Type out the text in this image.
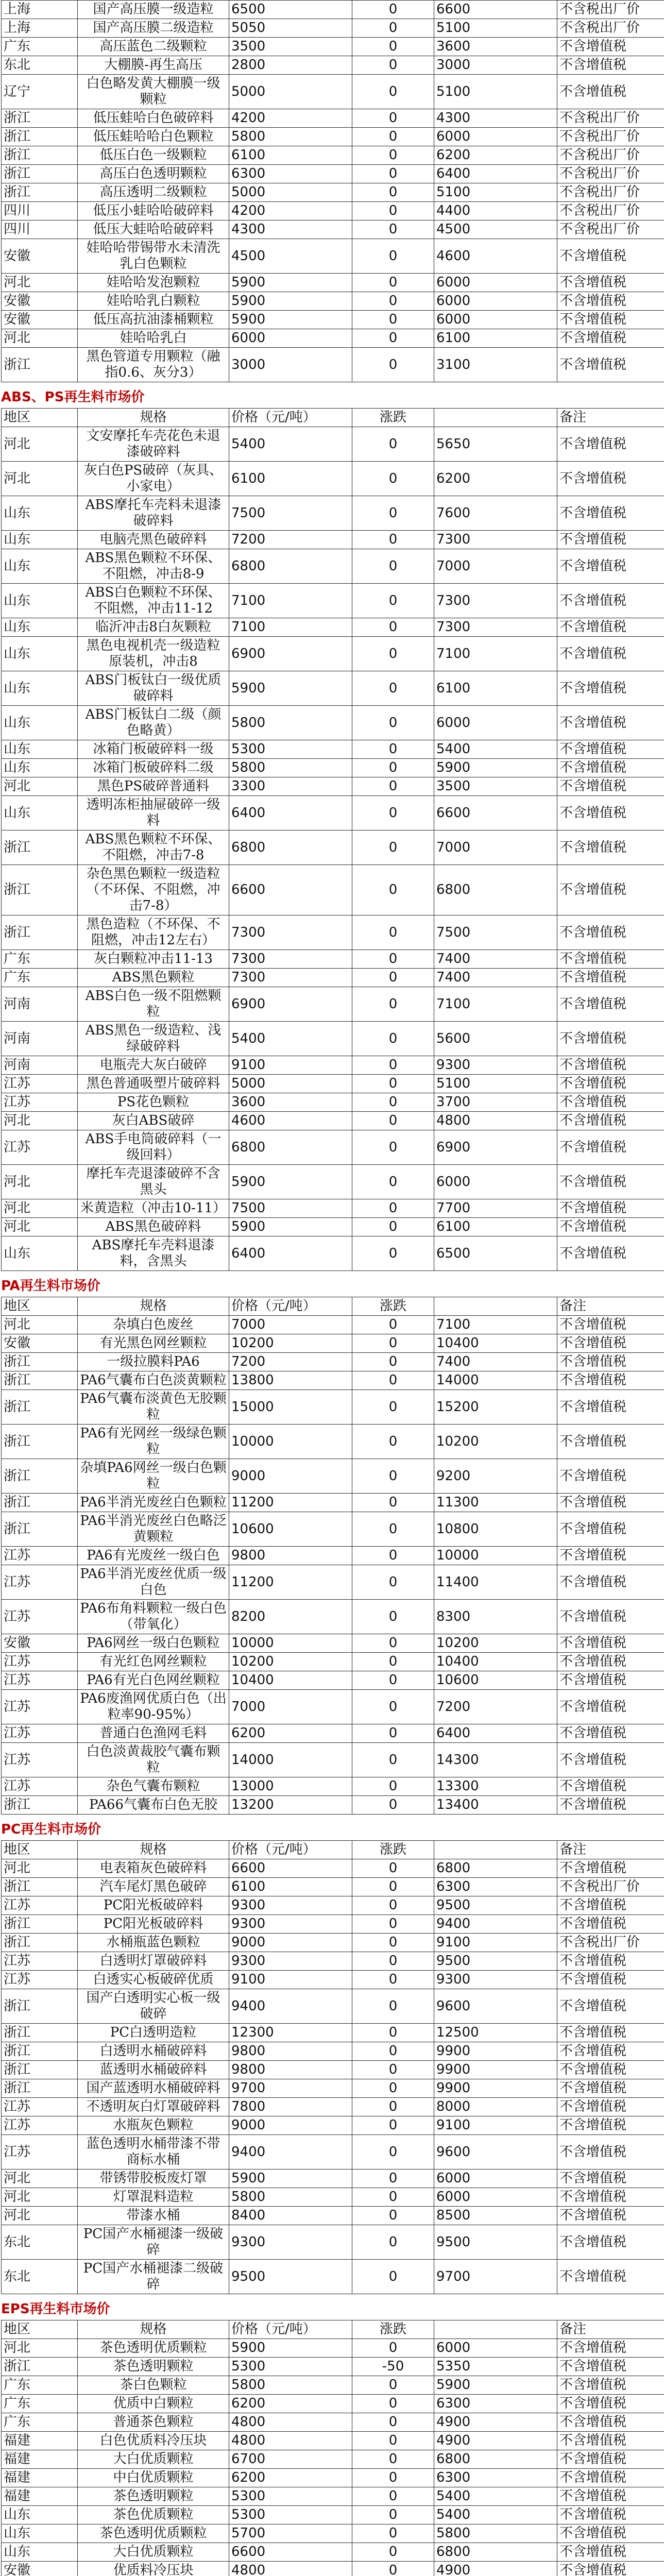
上海	国产高压膜一级造粒	6500	0	6600	不含税出厂价
上海	国产高压膜二级造粒	5050	0	5100	不含税出厂价
广东	高压蓝色二级颗粒	3500	0	3600	不含增值税
东北	大棚膜-再生高压	2800	0	3000	不含增值税
辽宁	白色略发黄大棚膜一级颗粒	5000	0	5100	不含增值税
浙江	低压蛙哈白色破碎料	4200	0	4300	不含税出厂价
浙江	低压蛙哈哈白色颗粒	5800	0	6000	不含税出厂价
浙江	低压白色一级颗粒	6100	0	6200	不含税出厂价
浙江	高压白色透明颗粒	6300	0	6400	不含税出厂价
浙江	高压透明二级颗粒	5000	0	5100	不含税出厂价
四川	低压小蛙哈哈破碎料	4200	0	4400	不含税出厂价
四川	低压大蛙哈哈破碎料	4300	0	4500	不含税出厂价
安徽	娃哈哈带锡带水未清洗乳白色颗粒	4500	0	4600	不含增值税
河北	娃哈哈发泡颗粒	5900	0	6000	不含增值税
安徽	娃哈哈乳白颗粒	5900	0	6000	不含增值税
安徽	低压高抗油漆桶颗粒	5900	0	6000	不含增值税
河北	娃哈哈乳白	6000	0	6100	不含增值税
浙江	黑色管道专用颗粒（融指0.6、灰分3）	3000	0	3100	不含增值税
ABS、PS再生料市场价
地区	规格	价格（元/吨）	涨跌		备注
河北	文安摩托车壳花色未退漆破碎料	5400	0	5650	不含增值税
河北	灰白色PS破碎（灰具、小家电）	6100	0	6200	不含增值税
山东	ABS摩托车壳料未退漆破碎料	7500	0	7600	不含增值税
山东	电脑壳黑色破碎料	7200	0	7300	不含增值税
山东	ABS黑色颗粒不环保、不阻燃，冲击8-9	6800	0	7000	不含增值税
山东	ABS白色颗粒不环保、不阻燃，冲击11-12	7100	0	7300	不含增值税
山东	临沂冲击8白灰颗粒	7100	0	7300	不含增值税
山东	黑色电视机壳一级造粒原装机，冲击8	6900	0	7100	不含增值税
山东	ABS门板钛白一级优质破碎料	5900	0	6100	不含增值税
山东	ABS门板钛白二级（颜色略黄）	5800	0	6000	不含增值税
山东	冰箱门板破碎料一级	5300	0	5400	不含增值税
山东	冰箱门板破碎料二级	5800	0	5900	不含增值税
河北	黑色PS破碎普通料	3300	0	3500	不含增值税
山东	透明冻柜抽屉破碎一级料	6400	0	6600	不含增值税
浙江	ABS黑色颗粒不环保、不阻燃，冲击7-8	6800	0	7000	不含增值税
浙江	杂色黑色颗粒一级造粒（不环保、不阻燃，冲击7-8）	6600	0	6800	不含增值税
浙江	黑色造粒（不环保、不阻燃，冲击12左右）	7300	0	7500	不含增值税
广东	灰白颗粒冲击11-13	7300	0	7400	不含增值税
广东	ABS黑色颗粒	7300	0	7400	不含增值税
河南	ABS白色一级不阻燃颗粒	6900	0	7100	不含增值税
河南	ABS黑色一级造粒、浅绿破碎料	5400	0	5600	不含增值税
河南	电瓶壳大灰白破碎	9100	0	9300	不含增值税
江苏	黑色普通吸塑片破碎料	5000	0	5100	不含增值税
江苏	PS花色颗粒	3600	0	3700	不含增值税
河北	灰白ABS破碎	4600	0	4800	不含增值税
江苏	ABS手电筒破碎料（一级回料）	6800	0	6900	不含增值税
河北	摩托车壳退漆破碎不含黑头	5900	0	6000	不含增值税
河北	米黄造粒（冲击10-11）	7500	0	7700	不含增值税
河北	ABS黑色破碎料	5900	0	6100	不含增值税
山东	ABS摩托车壳料退漆料，含黑头	6400	0	6500	不含增值税
PA再生料市场价
地区	规格	价格（元/吨）	涨跌		备注
河北	杂填白色废丝	7000	0	7100	不含增值税
安徽	有光黑色网丝颗粒	10200	0	10400	不含增值税
浙江	一级拉膜料PA6	7200	0	7400	不含增值税
浙江	PA6气囊布白色淡黄颗粒	13800	0	14000	不含增值税
浙江	PA6气囊布淡黄色无胶颗粒	15000	0	15200	不含增值税
浙江	PA6有光网丝一级绿色颗粒	10000	0	10200	不含增值税
浙江	杂填PA6网丝一级白色颗粒	9000	0	9200	不含增值税
浙江	PA6半消光废丝白色颗粒	11200	0	11300	不含增值税
浙江	PA6半消光废丝白色略泛黄颗粒	10600	0	10800	不含增值税
江苏	PA6有光废丝一级白色	9800	0	10000	不含增值税
江苏	PA6半消光废丝优质一级白色	11200	0	11400	不含增值税
江苏	PA6布角料颗粒一级白色（带氧化）	8200	0	8300	不含增值税
安徽	PA6网丝一级白色颗粒	10000	0	10200	不含增值税
江苏	有光红色网丝颗粒	10200	0	10400	不含增值税
江苏	PA6有光白色网丝颗粒	10400	0	10600	不含增值税
江苏	PA6废渔网优质白色（出粒率90-95%）	7000	0	7200	不含增值税
江苏	普通白色渔网毛料	6200	0	6400	不含增值税
江苏	白色淡黄裁胶气囊布颗粒	14000	0	14300	不含增值税
江苏	杂色气囊布颗粒	13000	0	13300	不含增值税
浙江	PA66气囊布白色无胶	13200	0	13400	不含增值税
PC再生料市场价
地区	规格	价格（元/吨）	涨跌		备注
河北	电表箱灰色破碎料	6600	0	6800	不含增值税
浙江	汽车尾灯黑色破碎	6100	0	6300	不含税出厂价
江苏	PC阳光板破碎料	9300	0	9500	不含增值税
浙江	PC阳光板破碎料	9300	0	9400	不含增值税
浙江	水桶瓶蓝色颗粒	9000	0	9100	不含税出厂价
江苏	白透明灯罩破碎料	9300	0	9500	不含增值税
江苏	白透实心板破碎优质	9100	0	9300	不含增值税
浙江	国产白透明实心板一级破碎	9400	0	9600	不含增值税
浙江	PC白透明造粒	12300	0	12500	不含增值税
浙江	白透明水桶破碎料	9800	0	9900	不含增值税
浙江	蓝透明水桶破碎料	9800	0	9900	不含增值税
浙江	国产蓝透明水桶破碎料	9700	0	9900	不含增值税
江苏	不透明灰白灯罩破碎料	7800	0	8000	不含增值税
江苏	水瓶灰色颗粒	9000	0	9100	不含增值税
江苏	蓝色透明水桶带漆不带商标水桶	9400	0	9600	不含增值税
河北	带锈带胶板废灯罩	5900	0	6000	不含增值税
河北	灯罩混料造粒	5800	0	6000	不含增值税
河北	带漆水桶	8400	0	8500	不含增值税
东北	PC国产水桶褪漆一级破碎	9300	0	9500	不含增值税
东北	PC国产水桶褪漆二级破碎	9500	0	9700	不含增值税
EPS再生料市场价
地区	规格	价格（元/吨）	涨跌		备注
河北	茶色透明优质颗粒	5900	0	6000	不含增值税
浙江	茶色透明颗粒	5300	-50	5350	不含增值税
广东	茶白色颗粒	5800	0	5900	不含增值税
广东	优质中白颗粒	6200	0	6300	不含增值税
广东	普通茶色颗粒	4800	0	4900	不含增值税
福建	白色优质料冷压块	4800	0	4900	不含增值税
福建	大白优质颗粒	6700	0	6800	不含增值税
福建	中白优质颗粒	6200	0	6300	不含增值税
福建	茶色透明颗粒	5300	0	5400	不含增值税
山东	茶色优质颗粒	5300	0	5400	不含增值税
山东	茶色透明优质颗粒	5700	0	5800	不含增值税
山东	大白优质颗粒	6600	0	6800	不含增值税
安徽	优质料冷压块	4800	0	4900	不含增值税
